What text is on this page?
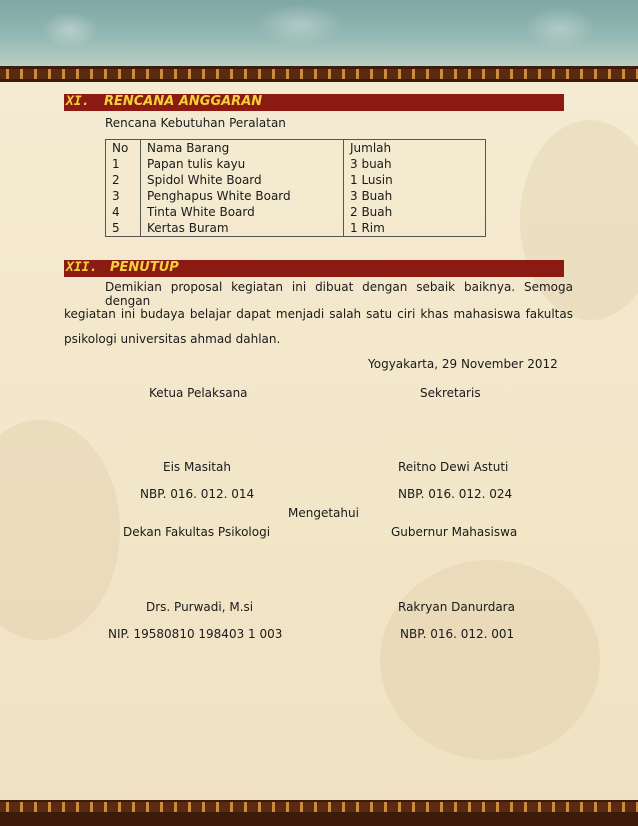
XI. RENCANA ANGGARAN
Rencana Kebutuhan Peralatan
No	Nama Barang	Jumlah
1	Papan tulis kayu	3 buah
2	Spidol White Board	1 Lusin
3	Penghapus White Board	3 Buah
4	Tinta White Board	2 Buah
5	Kertas Buram	1 Rim
XII. PENUTUP
Demikian proposal kegiatan ini dibuat dengan sebaik baiknya. Semoga dengan
kegiatan ini budaya belajar dapat menjadi salah satu ciri khas mahasiswa fakultas
psikologi universitas ahmad dahlan.
Yogyakarta, 29 November 2012
Ketua Pelaksana	Sekretaris
Eis Masitah	Reitno Dewi Astuti
NBP. 016. 012. 014	NBP. 016. 012. 024
Mengetahui
Dekan Fakultas Psikologi	Gubernur Mahasiswa
Drs. Purwadi, M.si	Rakryan Danurdara
NIP. 19580810 198403 1 003	NBP. 016. 012. 001
